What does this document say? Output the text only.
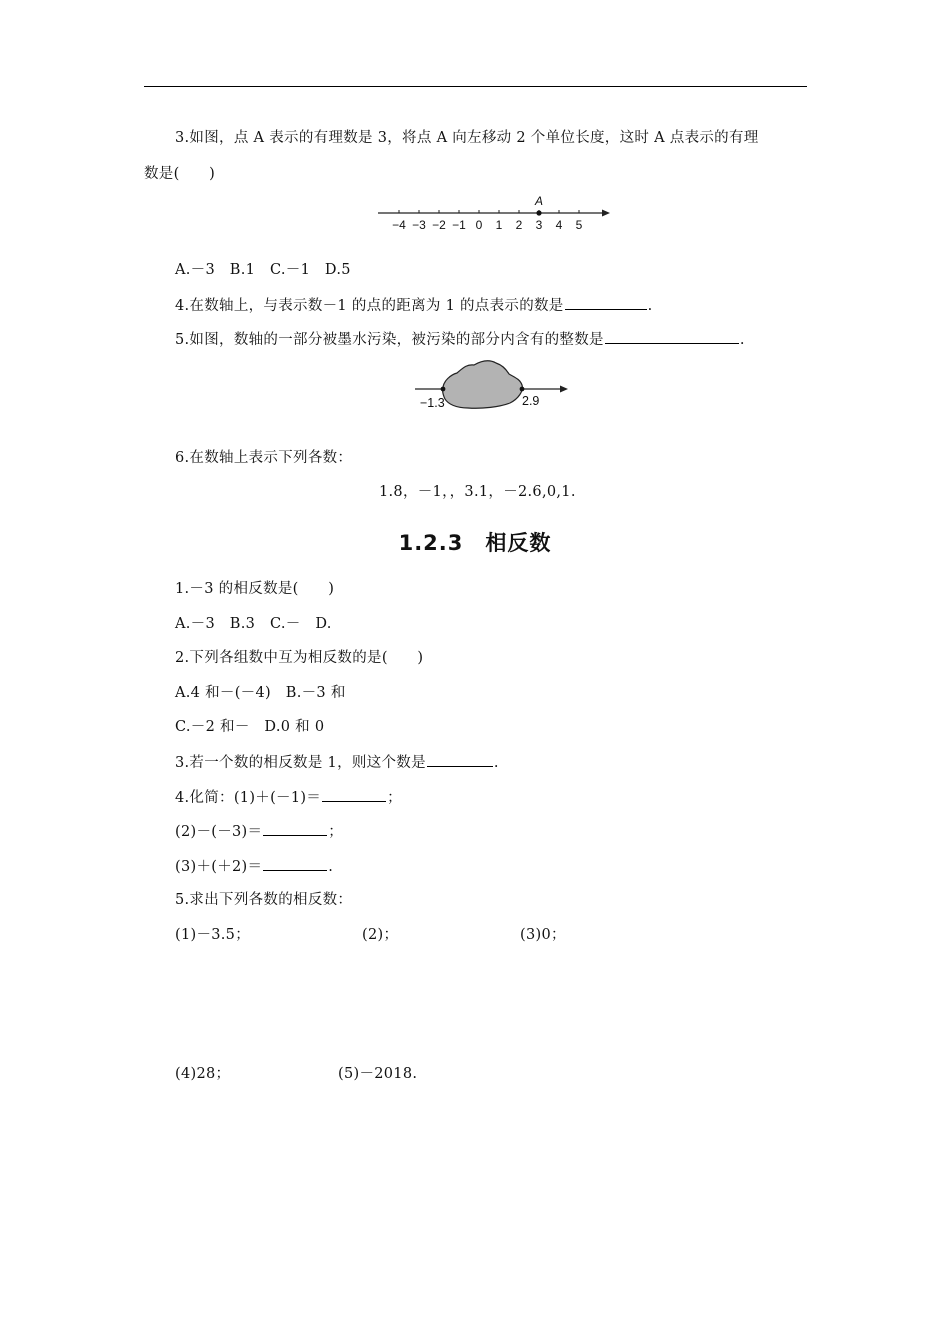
3.如图，点 A 表示的有理数是 3，将点 A 向左移动 2 个单位长度，这时 A 点表示的有理
数是(　　)
−4 −3 −2 −1 0 1 2 3 4 5
A
A.－3　B.1　C.－1　D.5
4.在数轴上，与表示数－1 的点的距离为 1 的点表示的数是	.
5.如图，数轴的一部分被墨水污染，被污染的部分内含有的整数是	.
−1.3	2.9
6.在数轴上表示下列各数：
1.8，－1，，3.1，－2.6,0,1.
1.2.3　相反数
1.－3 的相反数是(　　)
A.－3　B.3　C.－　D.
2.下列各组数中互为相反数的是(　　)
A.4 和－(－4)　B.－3 和
C.－2 和－　D.0 和 0
3.若一个数的相反数是 1，则这个数是	.
4.化简：(1)＋(－1)＝	；
(2)－(－3)＝	；
(3)＋(＋2)＝	.
5.求出下列各数的相反数：
(1)－3.5；	(2)；	(3)0；
(4)28；	(5)－2018.
